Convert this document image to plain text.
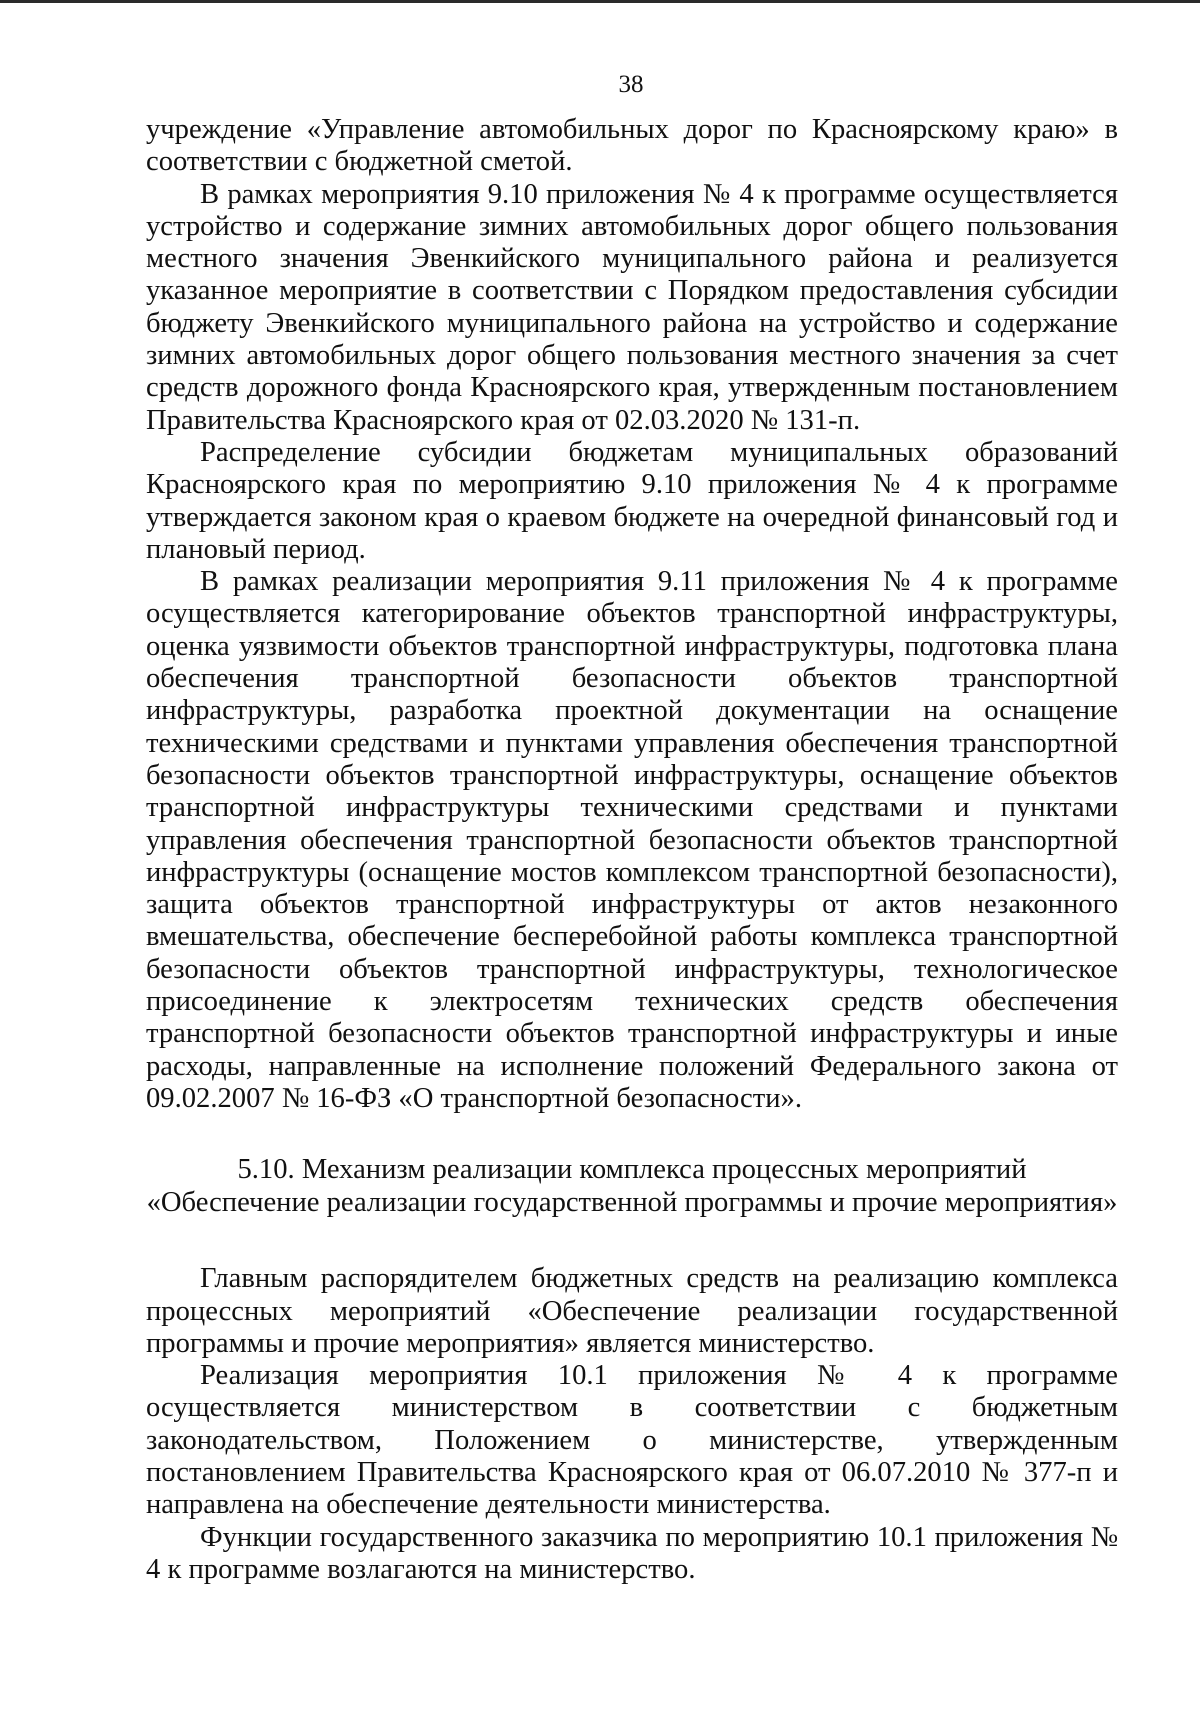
38

учреждение «Управление автомобильных дорог по Красноярскому краю» в соответствии с бюджетной сметой.

В рамках мероприятия 9.10 приложения № 4 к программе осуществляется устройство и содержание зимних автомобильных дорог общего пользования местного значения Эвенкийского муниципального района и реализуется указанное мероприятие в соответствии с Порядком предоставления субсидии бюджету Эвенкийского муниципального района на устройство и содержание зимних автомобильных дорог общего пользования местного значения за счет средств дорожного фонда Красноярского края, утвержденным постановлением Правительства Красноярского края от 02.03.2020 № 131-п.

Распределение субсидии бюджетам муниципальных образований Красноярского края по мероприятию 9.10 приложения № 4 к программе утверждается законом края о краевом бюджете на очередной финансовый год и плановый период.

В рамках реализации мероприятия 9.11 приложения № 4 к программе осуществляется категорирование объектов транспортной инфраструктуры, оценка уязвимости объектов транспортной инфраструктуры, подготовка плана обеспечения транспортной безопасности объектов транспортной инфраструктуры, разработка проектной документации на оснащение техническими средствами и пунктами управления обеспечения транспортной безопасности объектов транспортной инфраструктуры, оснащение объектов транспортной инфраструктуры техническими средствами и пунктами управления обеспечения транспортной безопасности объектов транспортной инфраструктуры (оснащение мостов комплексом транспортной безопасности), защита объектов транспортной инфраструктуры от актов незаконного вмешательства, обеспечение бесперебойной работы комплекса транспортной безопасности объектов транспортной инфраструктуры, технологическое присоединение к электросетям технических средств обеспечения транспортной безопасности объектов транспортной инфраструктуры и иные расходы, направленные на исполнение положений Федерального закона от 09.02.2007 № 16-ФЗ «О транспортной безопасности».

5.10. Механизм реализации комплекса процессных мероприятий
«Обеспечение реализации государственной программы и прочие мероприятия»

Главным распорядителем бюджетных средств на реализацию комплекса процессных мероприятий «Обеспечение реализации государственной программы и прочие мероприятия» является министерство.

Реализация мероприятия 10.1 приложения № 4 к программе осуществляется министерством в соответствии с бюджетным законодательством, Положением о министерстве, утвержденным постановлением Правительства Красноярского края от 06.07.2010 № 377-п и направлена на обеспечение деятельности министерства.

Функции государственного заказчика по мероприятию 10.1 приложения № 4 к программе возлагаются на министерство.
